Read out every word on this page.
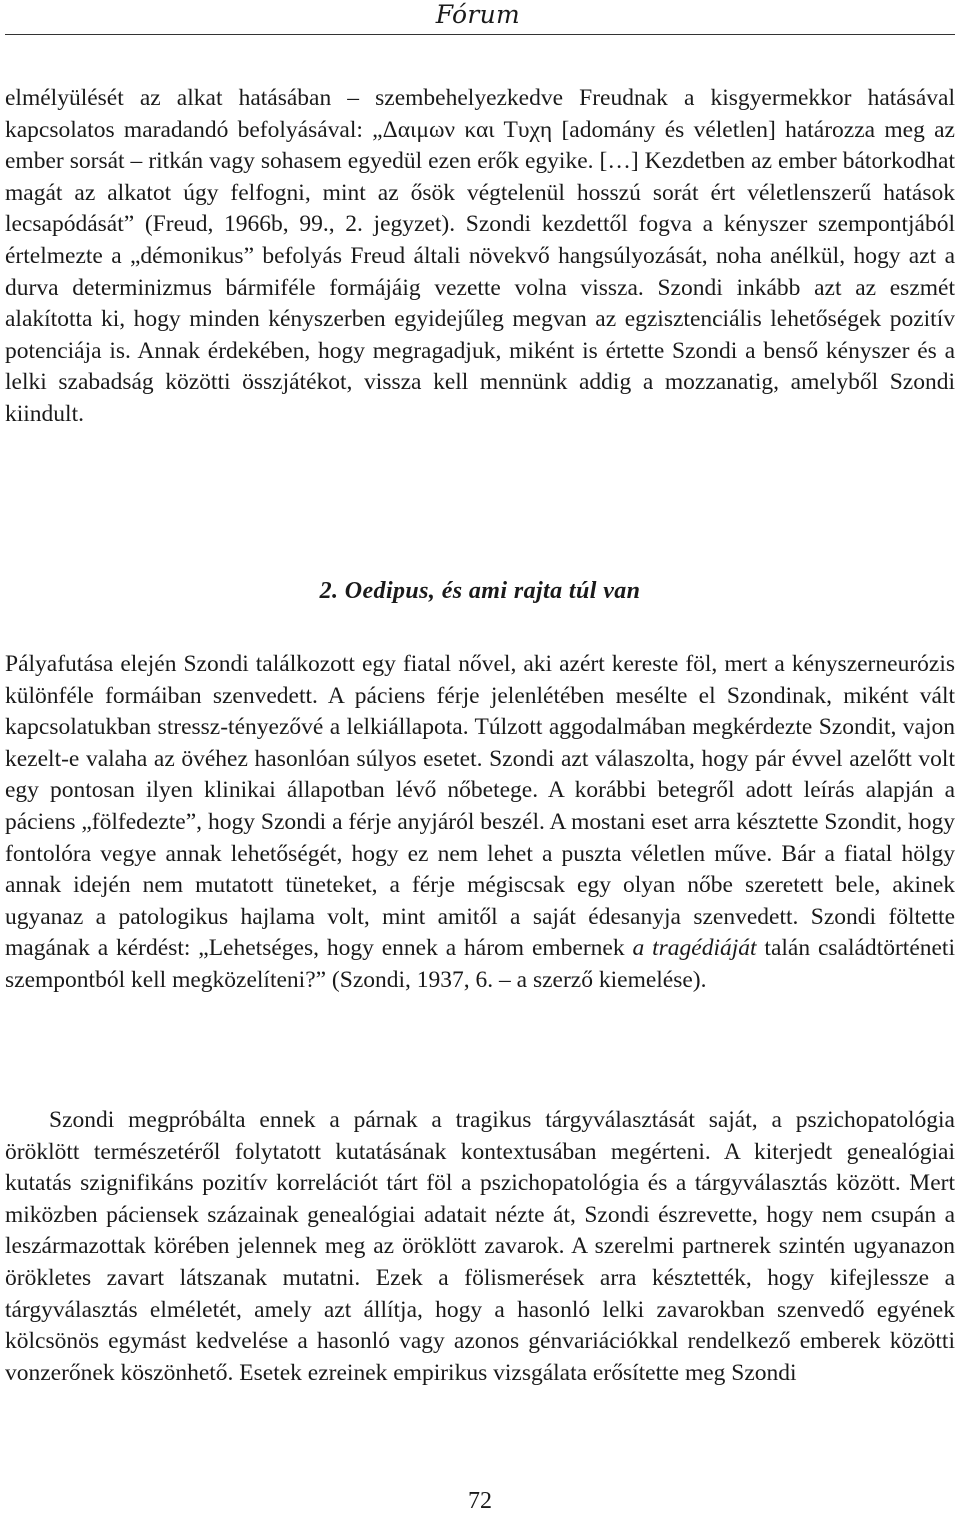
Fórum

elmélyülését az alkat hatásában – szembehelyezkedve Freudnak a kisgyermekkor hatásával kapcsolatos maradandó befolyásával: „Δαιμων και Τυχη [adomány és véletlen] határozza meg az ember sorsát – ritkán vagy sohasem egyedül ezen erők egyike. […] Kezdetben az ember bátorkodhat magát az alkatot úgy felfogni, mint az ősök végtelenül hosszú sorát ért véletlenszerű hatások lecsapódását” (Freud, 1966b, 99., 2. jegyzet). Szondi kezdettől fogva a kényszer szempontjából értelmezte a „démonikus” befolyás Freud általi növekvő hangsúlyozását, noha anélkül, hogy azt a durva determinizmus bármiféle formájáig vezette volna vissza. Szondi inkább azt az eszmét alakította ki, hogy minden kényszerben egyidejűleg megvan az egzisztenciális lehetőségek pozitív potenciája is. Annak érdekében, hogy megragadjuk, miként is értette Szondi a benső kényszer és a lelki szabadság közötti összjátékot, vissza kell mennünk addig a mozzanatig, amelyből Szondi kiindult.

2. Oedipus, és ami rajta túl van

Pályafutása elején Szondi találkozott egy fiatal nővel, aki azért kereste föl, mert a kényszerneurózis különféle formáiban szenvedett. A páciens férje jelenlétében mesélte el Szondinak, miként vált kapcsolatukban stressz-tényezővé a lelkiállapota. Túlzott aggodalmában megkérdezte Szondit, vajon kezelt-e valaha az övéhez hasonlóan súlyos esetet. Szondi azt válaszolta, hogy pár évvel azelőtt volt egy pontosan ilyen klinikai állapotban lévő nőbetege. A korábbi betegről adott leírás alapján a páciens „fölfedezte”, hogy Szondi a férje anyjáról beszél. A mostani eset arra késztette Szondit, hogy fontolóra vegye annak lehetőségét, hogy ez nem lehet a puszta véletlen műve. Bár a fiatal hölgy annak idején nem mutatott tüneteket, a férje mégiscsak egy olyan nőbe szeretett bele, akinek ugyanaz a patologikus hajlama volt, mint amitől a saját édesanyja szenvedett. Szondi föltette magának a kérdést: „Lehetséges, hogy ennek a három embernek a tragédiáját talán családtörténeti szempontból kell megközelíteni?” (Szondi, 1937, 6. – a szerző kiemelése).

Szondi megpróbálta ennek a párnak a tragikus tárgyválasztását saját, a pszichopatológia öröklött természetéről folytatott kutatásának kontextusában megérteni. A kiterjedt genealógiai kutatás szignifikáns pozitív korrelációt tárt föl a pszichopatológia és a tárgyválasztás között. Mert miközben páciensek százainak genealógiai adatait nézte át, Szondi észrevette, hogy nem csupán a leszármazottak körében jelennek meg az öröklött zavarok. A szerelmi partnerek szintén ugyanazon örökletes zavart látszanak mutatni. Ezek a fölismerések arra késztették, hogy kifejlessze a tárgyválasztás elméletét, amely azt állítja, hogy a hasonló lelki zavarokban szenvedő egyének kölcsönös egymást kedvelése a hasonló vagy azonos génvariációkkal rendelkező emberek közötti vonzerőnek köszönhető. Esetek ezreinek empirikus vizsgálata erősítette meg Szondi

72
